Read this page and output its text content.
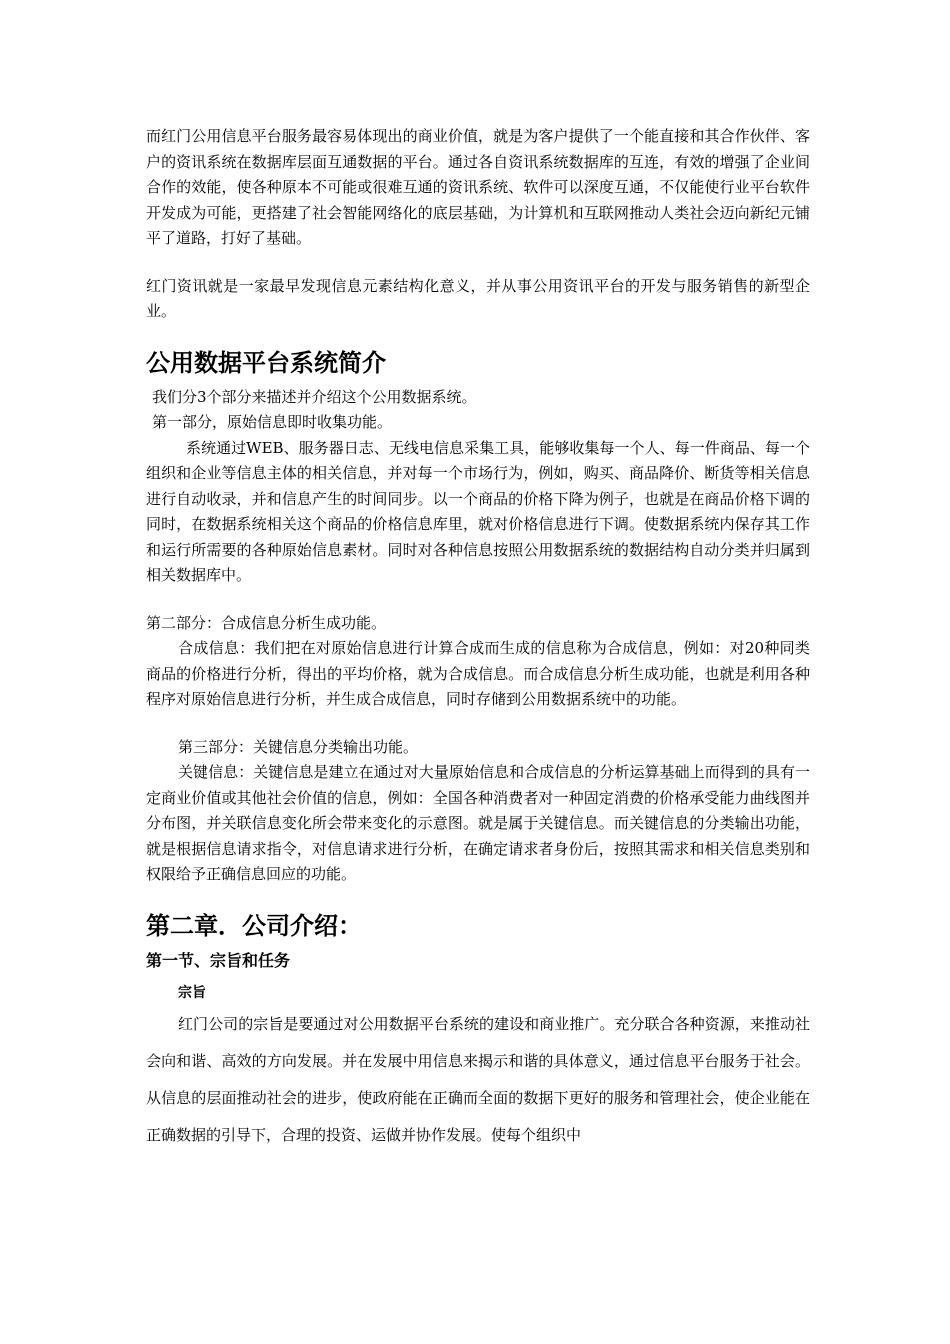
而红门公用信息平台服务最容易体现出的商业价值，就是为客户提供了一个能直接和其合作伙伴、客户的资讯系统在数据库层面互通数据的平台。通过各自资讯系统数据库的互连，有效的增强了企业间合作的效能，使各种原本不可能或很难互通的资讯系统、软件可以深度互通，不仅能使行业平台软件开发成为可能，更搭建了社会智能网络化的底层基础，为计算机和互联网推动人类社会迈向新纪元铺平了道路，打好了基础。

红门资讯就是一家最早发现信息元素结构化意义，并从事公用资讯平台的开发与服务销售的新型企业。

公用数据平台系统简介

我们分3个部分来描述并介绍这个公用数据系统。

第一部分，原始信息即时收集功能。

系统通过WEB、服务器日志、无线电信息采集工具，能够收集每一个人、每一件商品、每一个组织和企业等信息主体的相关信息，并对每一个市场行为，例如，购买、商品降价、断货等相关信息进行自动收录，并和信息产生的时间同步。以一个商品的价格下降为例子，也就是在商品价格下调的同时，在数据系统相关这个商品的价格信息库里，就对价格信息进行下调。使数据系统内保存其工作和运行所需要的各种原始信息素材。同时对各种信息按照公用数据系统的数据结构自动分类并归属到相关数据库中。

第二部分：合成信息分析生成功能。

合成信息：我们把在对原始信息进行计算合成而生成的信息称为合成信息，例如：对20种同类商品的价格进行分析，得出的平均价格，就为合成信息。而合成信息分析生成功能，也就是利用各种程序对原始信息进行分析，并生成合成信息，同时存储到公用数据系统中的功能。

第三部分：关键信息分类输出功能。

关键信息：关键信息是建立在通过对大量原始信息和合成信息的分析运算基础上而得到的具有一定商业价值或其他社会价值的信息，例如：全国各种消费者对一种固定消费的价格承受能力曲线图并分布图，并关联信息变化所会带来变化的示意图。就是属于关键信息。而关键信息的分类输出功能，就是根据信息请求指令，对信息请求进行分析，在确定请求者身份后，按照其需求和相关信息类别和权限给予正确信息回应的功能。

第二章．公司介绍：
第一节、宗旨和任务
宗旨

红门公司的宗旨是要通过对公用数据平台系统的建设和商业推广。充分联合各种资源，来推动社会向和谐、高效的方向发展。并在发展中用信息来揭示和谐的具体意义，通过信息平台服务于社会。从信息的层面推动社会的进步，使政府能在正确而全面的数据下更好的服务和管理社会，使企业能在正确数据的引导下，合理的投资、运做并协作发展。使每个组织中
